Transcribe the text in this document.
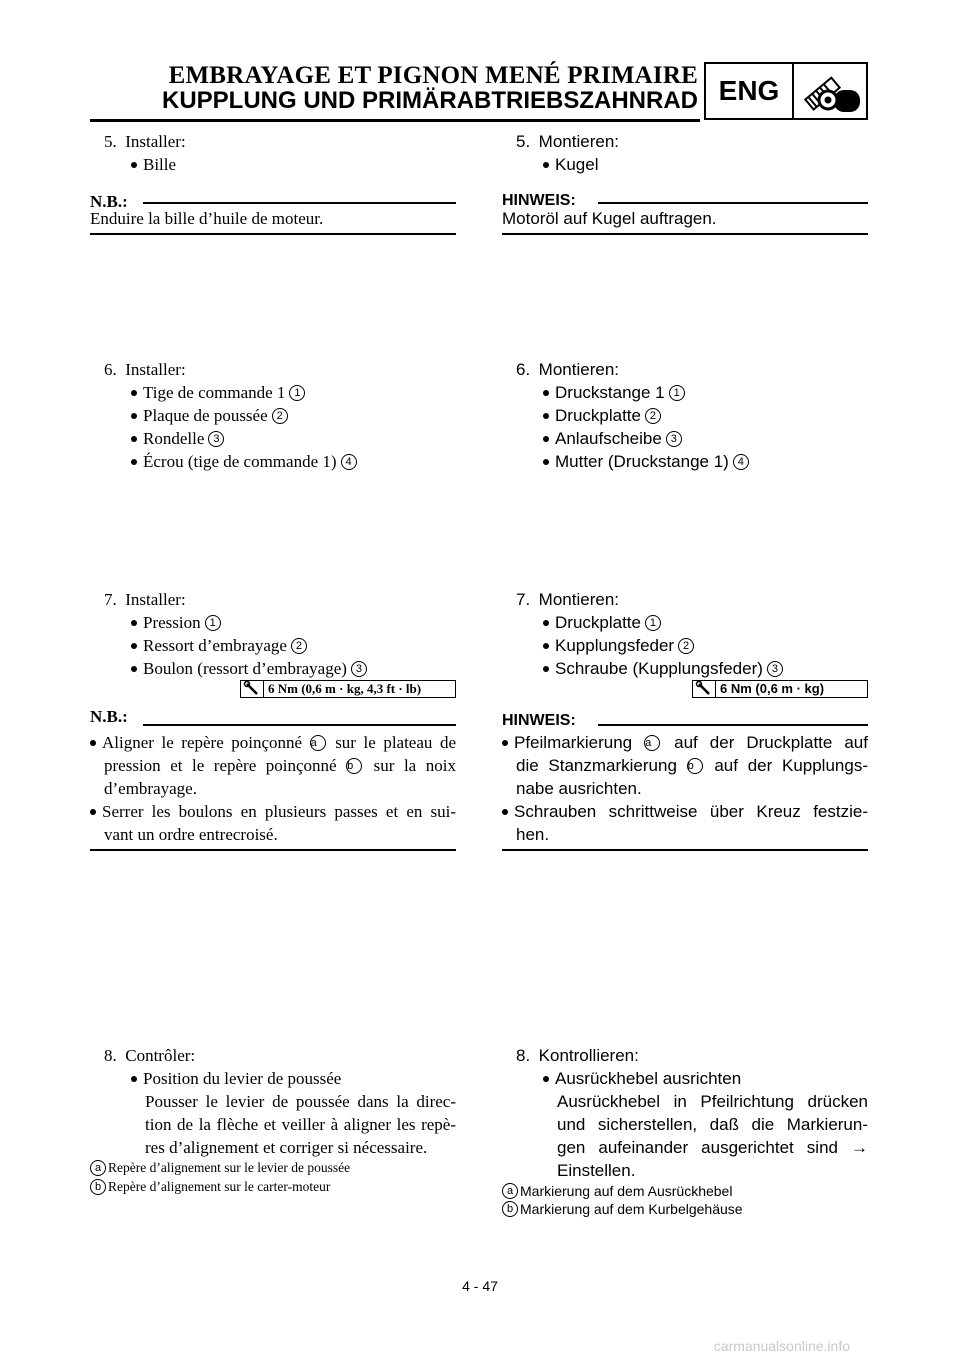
EMBRAYAGE ET PIGNON MENÉ PRIMAIRE
KUPPLUNG UND PRIMÄRABTRIEBSZAHNRAD ENG
5. Installer:
Bille
N.B.:
Enduire la bille d’huile de moteur.
6. Installer:
Tige de commande 1 1
Plaque de poussée 2
Rondelle 3
Écrou (tige de commande 1) 4
7. Installer:
Pression 1
Ressort d’embrayage 2
Boulon (ressort d’embrayage) 3
6 Nm (0,6 m · kg, 4,3 ft · lb)
N.B.:
Aligner le repère poinçonné a sur le plateau de
pression et le repère poinçonné b sur la noix
d’embrayage.
Serrer les boulons en plusieurs passes et en sui-
vant un ordre entrecroisé.
8. Contrôler:
Position du levier de poussée
Pousser le levier de poussée dans la direc-
tion de la flèche et veiller à aligner les repè-
res d’alignement et corriger si nécessaire.
a Repère d’alignement sur le levier de poussée
b Repère d’alignement sur le carter-moteur
5. Montieren:
Kugel
HINWEIS:
Motoröl auf Kugel auftragen.
6. Montieren:
Druckstange 1 1
Druckplatte 2
Anlaufscheibe 3
Mutter (Druckstange 1) 4
7. Montieren:
Druckplatte 1
Kupplungsfeder 2
Schraube (Kupplungsfeder) 3
6 Nm (0,6 m · kg)
HINWEIS:
Pfeilmarkierung a auf der Druckplatte auf
die Stanzmarkierung b auf der Kupplungs-
nabe ausrichten.
Schrauben schrittweise über Kreuz festzie-
hen.
8. Kontrollieren:
Ausrückhebel ausrichten
Ausrückhebel in Pfeilrichtung drücken
und sicherstellen, daß die Markierun-
gen aufeinander ausgerichtet sind →
Einstellen.
a Markierung auf dem Ausrückhebel
b Markierung auf dem Kurbelgehäuse
4 - 47
carmanualsonline.info
